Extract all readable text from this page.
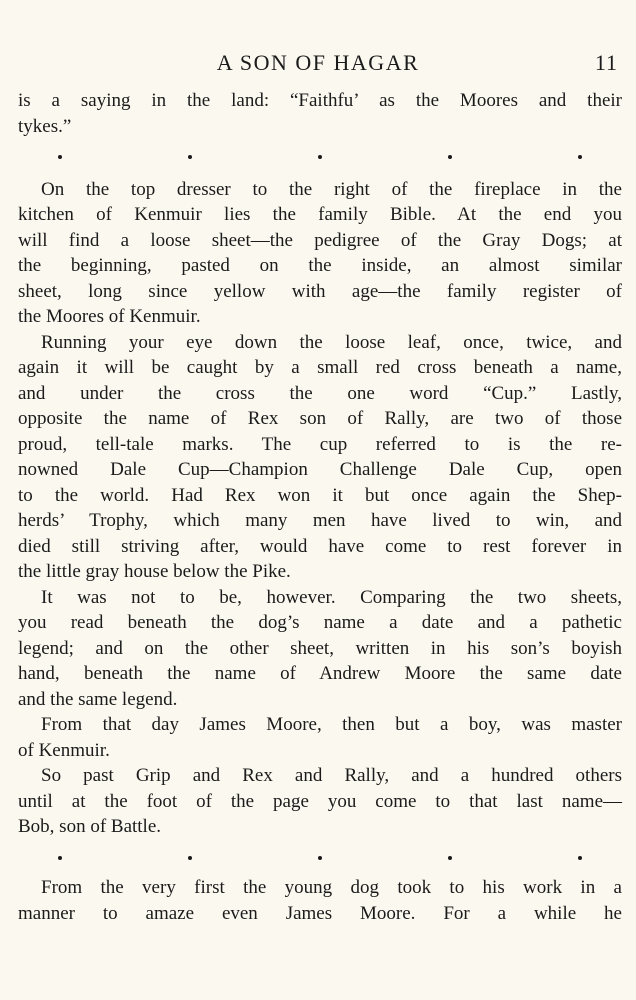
A SON OF HAGAR	11
is a saying in the land: “Faithfu’ as the Moores and their
tykes.”
On the top dresser to the right of the fireplace in the
kitchen of Kenmuir lies the family Bible. At the end you
will find a loose sheet—the pedigree of the Gray Dogs; at
the beginning, pasted on the inside, an almost similar
sheet, long since yellow with age—the family register of
the Moores of Kenmuir.
Running your eye down the loose leaf, once, twice, and
again it will be caught by a small red cross beneath a name,
and under the cross the one word “Cup.” Lastly,
opposite the name of Rex son of Rally, are two of those
proud, tell-tale marks. The cup referred to is the re-
nowned Dale Cup—Champion Challenge Dale Cup, open
to the world. Had Rex won it but once again the Shep-
herds’ Trophy, which many men have lived to win, and
died still striving after, would have come to rest forever in
the little gray house below the Pike.
It was not to be, however. Comparing the two sheets,
you read beneath the dog’s name a date and a pathetic
legend; and on the other sheet, written in his son’s boyish
hand, beneath the name of Andrew Moore the same date
and the same legend.
From that day James Moore, then but a boy, was master
of Kenmuir.
So past Grip and Rex and Rally, and a hundred others
until at the foot of the page you come to that last name—
Bob, son of Battle.
From the very first the young dog took to his work in a
manner to amaze even James Moore. For a while he
